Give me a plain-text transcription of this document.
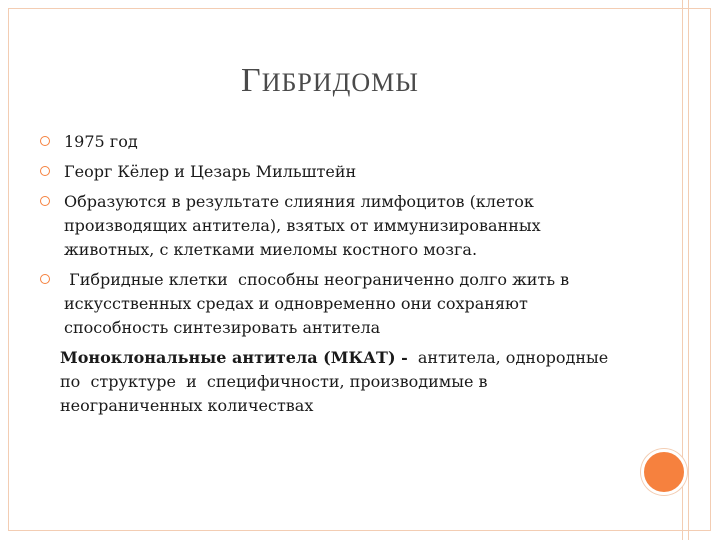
ГИБРИДОМЫ
1975 год
Георг Кёлер и Цезарь Мильштейн
Образуются в результате слияния лимфоцитов (клеток производящих антитела), взятых от иммунизированных животных, с клетками миеломы костного мозга.
Гибридные клетки  способны неограниченно долго жить в искусственных средах и одновременно они сохраняют способность синтезировать антитела
Моноклональные антитела (МКАТ) -  антитела, однородные  по  структуре  и  специфичности, производимые в неограниченных количествах
